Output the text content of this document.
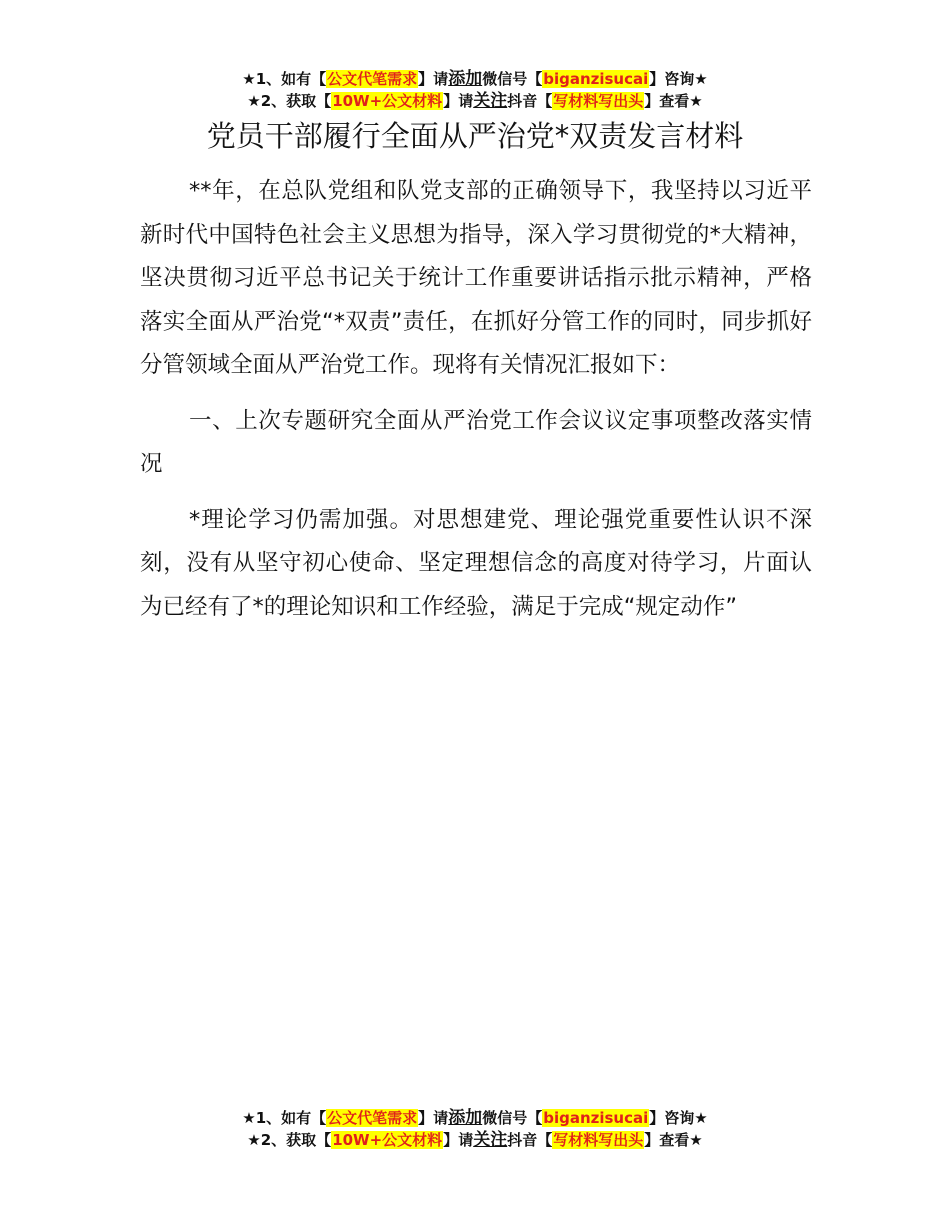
★1、如有【公文代笔需求】请添加微信号【biganzisucai】咨询★
★2、获取【10W+公文材料】请关注抖音【写材料写出头】查看★
党员干部履行全面从严治党*双责发言材料

**年，在总队党组和队党支部的正确领导下，我坚持以习近平新时代中国特色社会主义思想为指导，深入学习贯彻党的*大精神，坚决贯彻习近平总书记关于统计工作重要讲话指示批示精神，严格落实全面从严治党“*双责”责任，在抓好分管工作的同时，同步抓好分管领域全面从严治党工作。现将有关情况汇报如下：

一、上次专题研究全面从严治党工作会议议定事项整改落实情况

*理论学习仍需加强。对思想建党、理论强党重要性认识不深刻，没有从坚守初心使命、坚定理想信念的高度对待学习，片面认为已经有了*的理论知识和工作经验，满足于完成“规定动作”

★1、如有【公文代笔需求】请添加微信号【biganzisucai】咨询★
★2、获取【10W+公文材料】请关注抖音【写材料写出头】查看★
